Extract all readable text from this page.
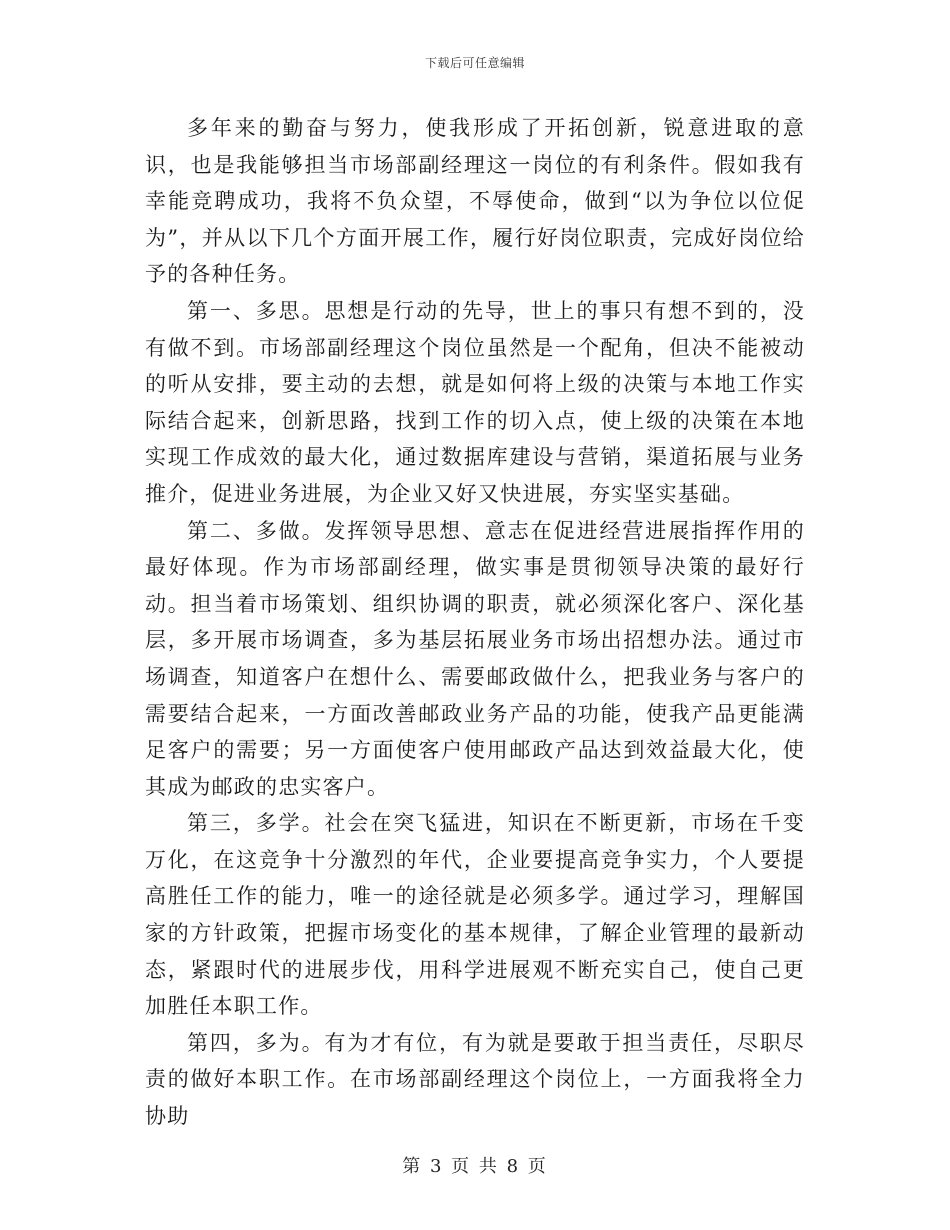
下载后可任意编辑

多年来的勤奋与努力，使我形成了开拓创新，锐意进取的意识，也是我能够担当市场部副经理这一岗位的有利条件。假如我有幸能竞聘成功，我将不负众望，不辱使命，做到“以为争位以位促为”，并从以下几个方面开展工作，履行好岗位职责，完成好岗位给予的各种任务。

第一、多思。思想是行动的先导，世上的事只有想不到的，没有做不到。市场部副经理这个岗位虽然是一个配角，但决不能被动的听从安排，要主动的去想，就是如何将上级的决策与本地工作实际结合起来，创新思路，找到工作的切入点，使上级的决策在本地实现工作成效的最大化，通过数据库建设与营销，渠道拓展与业务推介，促进业务进展，为企业又好又快进展，夯实坚实基础。

第二、多做。发挥领导思想、意志在促进经营进展指挥作用的最好体现。作为市场部副经理，做实事是贯彻领导决策的最好行动。担当着市场策划、组织协调的职责，就必须深化客户、深化基层，多开展市场调查，多为基层拓展业务市场出招想办法。通过市场调查，知道客户在想什么、需要邮政做什么，把我业务与客户的需要结合起来，一方面改善邮政业务产品的功能，使我产品更能满足客户的需要；另一方面使客户使用邮政产品达到效益最大化，使其成为邮政的忠实客户。

第三，多学。社会在突飞猛进，知识在不断更新，市场在千变万化，在这竞争十分激烈的年代，企业要提高竞争实力，个人要提高胜任工作的能力，唯一的途径就是必须多学。通过学习，理解国家的方针政策，把握市场变化的基本规律，了解企业管理的最新动态，紧跟时代的进展步伐，用科学进展观不断充实自己，使自己更加胜任本职工作。

第四，多为。有为才有位，有为就是要敢于担当责任，尽职尽责的做好本职工作。在市场部副经理这个岗位上，一方面我将全力协助

第 3 页 共 8 页
